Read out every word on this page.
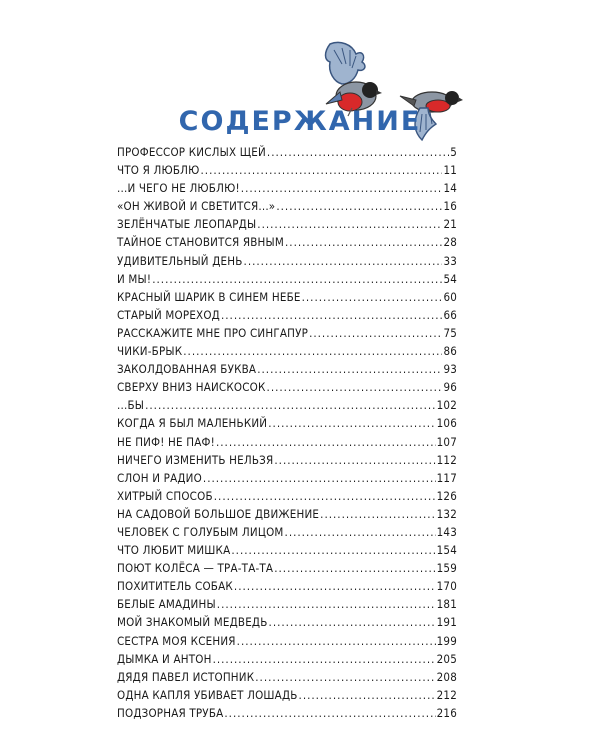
СОДЕРЖАНИЕ
ПРОФЕССОР КИСЛЫХ ЩЕЙ .....	5
ЧТО Я ЛЮБЛЮ .....	11
...И ЧЕГО НЕ ЛЮБЛЮ! .....	14
«ОН ЖИВОЙ И СВЕТИТСЯ...» .....	16
ЗЕЛЁНЧАТЫЕ ЛЕОПАРДЫ .....	21
ТАЙНОЕ СТАНОВИТСЯ ЯВНЫМ .....	28
УДИВИТЕЛЬНЫЙ ДЕНЬ .....	33
И МЫ! .....	54
КРАСНЫЙ ШАРИК В СИНЕМ НЕБЕ .....	60
СТАРЫЙ МОРЕХОД .....	66
РАССКАЖИТЕ МНЕ ПРО СИНГАПУР .....	75
ЧИКИ-БРЫК .....	86
ЗАКОЛДОВАННАЯ БУКВА .....	93
СВЕРХУ ВНИЗ НАИСКОСОК .....	96
...БЫ .....	102
КОГДА Я БЫЛ МАЛЕНЬКИЙ .....	106
НЕ ПИФ! НЕ ПАФ! .....	107
НИЧЕГО ИЗМЕНИТЬ НЕЛЬЗЯ .....	112
СЛОН И РАДИО .....	117
ХИТРЫЙ СПОСОБ .....	126
НА САДОВОЙ БОЛЬШОЕ ДВИЖЕНИЕ .....	132
ЧЕЛОВЕК С ГОЛУБЫМ ЛИЦОМ .....	143
ЧТО ЛЮБИТ МИШКА .....	154
ПОЮТ КОЛЁСА — ТРА-ТА-ТА .....	159
ПОХИТИТЕЛЬ СОБАК .....	170
БЕЛЫЕ АМАДИНЫ .....	181
МОЙ ЗНАКОМЫЙ МЕДВЕДЬ .....	191
СЕСТРА МОЯ КСЕНИЯ .....	199
ДЫМКА И АНТОН .....	205
ДЯДЯ ПАВЕЛ ИСТОПНИК .....	208
ОДНА КАПЛЯ УБИВАЕТ ЛОШАДЬ .....	212
ПОДЗОРНАЯ ТРУБА .....	216
